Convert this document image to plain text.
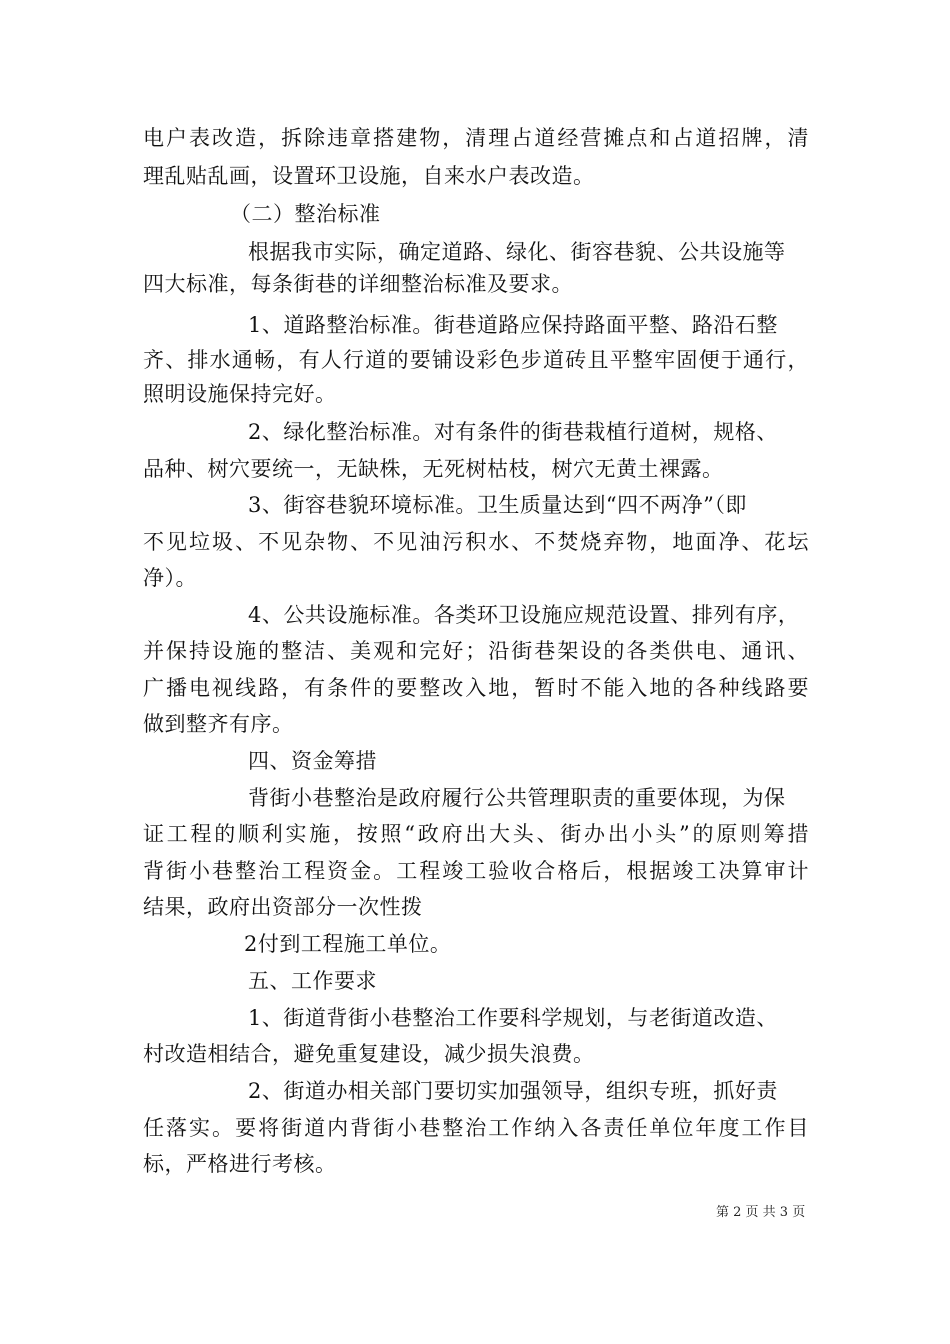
电户表改造，拆除违章搭建物，清理占道经营摊点和占道招牌，清
理乱贴乱画，设置环卫设施，自来水户表改造。
（二）整治标准
根据我市实际，确定道路、绿化、街容巷貌、公共设施等
四大标准，每条街巷的详细整治标准及要求。
1、道路整治标准。街巷道路应保持路面平整、路沿石整
齐、排水通畅，有人行道的要铺设彩色步道砖且平整牢固便于通行，
照明设施保持完好。
2、绿化整治标准。对有条件的街巷栽植行道树，规格、
品种、树穴要统一，无缺株，无死树枯枝，树穴无黄土裸露。
3、街容巷貌环境标准。卫生质量达到“四不两净”（即
不见垃圾、不见杂物、不见油污积水、不焚烧弃物，地面净、花坛
净）。
4、公共设施标准。各类环卫设施应规范设置、排列有序，
并保持设施的整洁、美观和完好；沿街巷架设的各类供电、通讯、
广播电视线路，有条件的要整改入地，暂时不能入地的各种线路要
做到整齐有序。
四、资金筹措
背街小巷整治是政府履行公共管理职责的重要体现，为保
证工程的顺利实施，按照“政府出大头、街办出小头”的原则筹措
背街小巷整治工程资金。工程竣工验收合格后，根据竣工决算审计
结果，政府出资部分一次性拨
2付到工程施工单位。
五、工作要求
1、街道背街小巷整治工作要科学规划，与老街道改造、
村改造相结合，避免重复建设，减少损失浪费。
2、街道办相关部门要切实加强领导，组织专班，抓好责
任落实。要将街道内背街小巷整治工作纳入各责任单位年度工作目
标，严格进行考核。
第 2 页 共 3 页
